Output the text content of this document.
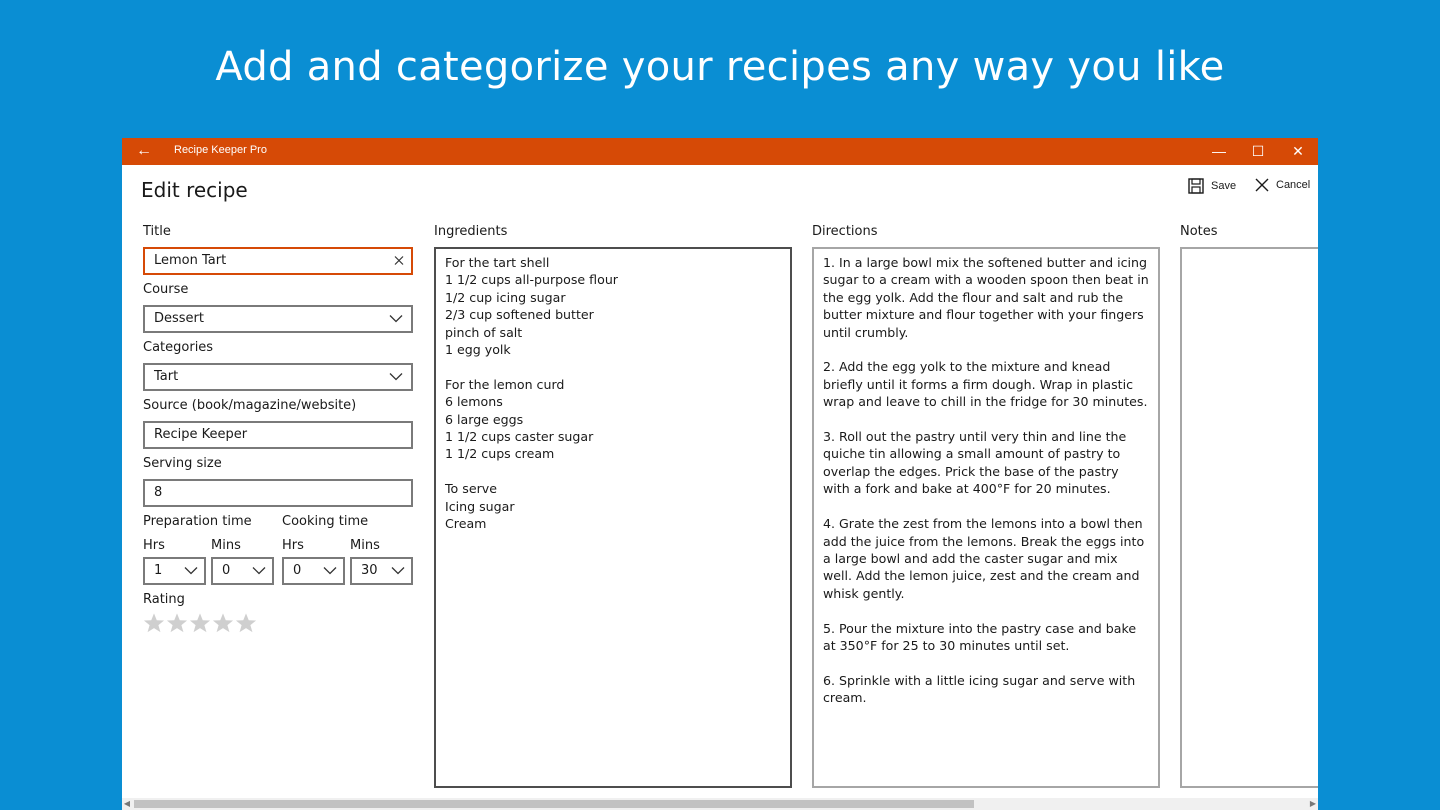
Add and categorize your recipes any way you like
← Recipe Keeper Pro	—	☐	✕
Edit recipe	Save	Cancel
Title
Lemon Tart
Course
Dessert
Categories
Tart
Source (book/magazine/website)
Recipe Keeper
Serving size
8
Preparation time Cooking time
Hrs	Mins	Hrs	Mins
1	0	0	30
Rating
Ingredients
For the tart shell
1 1/2 cups all-purpose flour
1/2 cup icing sugar
2/3 cup softened butter
pinch of salt
1 egg yolk

For the lemon curd
6 lemons
6 large eggs
1 1/2 cups caster sugar
1 1/2 cups cream

To serve
Icing sugar
Cream
Directions
1. In a large bowl mix the softened butter and icing sugar to a cream with a wooden spoon then beat in the egg yolk. Add the flour and salt and rub the butter mixture and flour together with your fingers until crumbly.

2. Add the egg yolk to the mixture and knead briefly until it forms a firm dough. Wrap in plastic wrap and leave to chill in the fridge for 30 minutes.

3. Roll out the pastry until very thin and line the quiche tin allowing a small amount of pastry to overlap the edges. Prick the base of the pastry with a fork and bake at 400°F for 20 minutes.

4. Grate the zest from the lemons into a bowl then add the juice from the lemons. Break the eggs into a large bowl and add the caster sugar and mix well. Add the lemon juice, zest and the cream and whisk gently.

5. Pour the mixture into the pastry case and bake at 350°F for 25 to 30 minutes until set.

6. Sprinkle with a little icing sugar and serve with cream.
Notes
◀	▶
